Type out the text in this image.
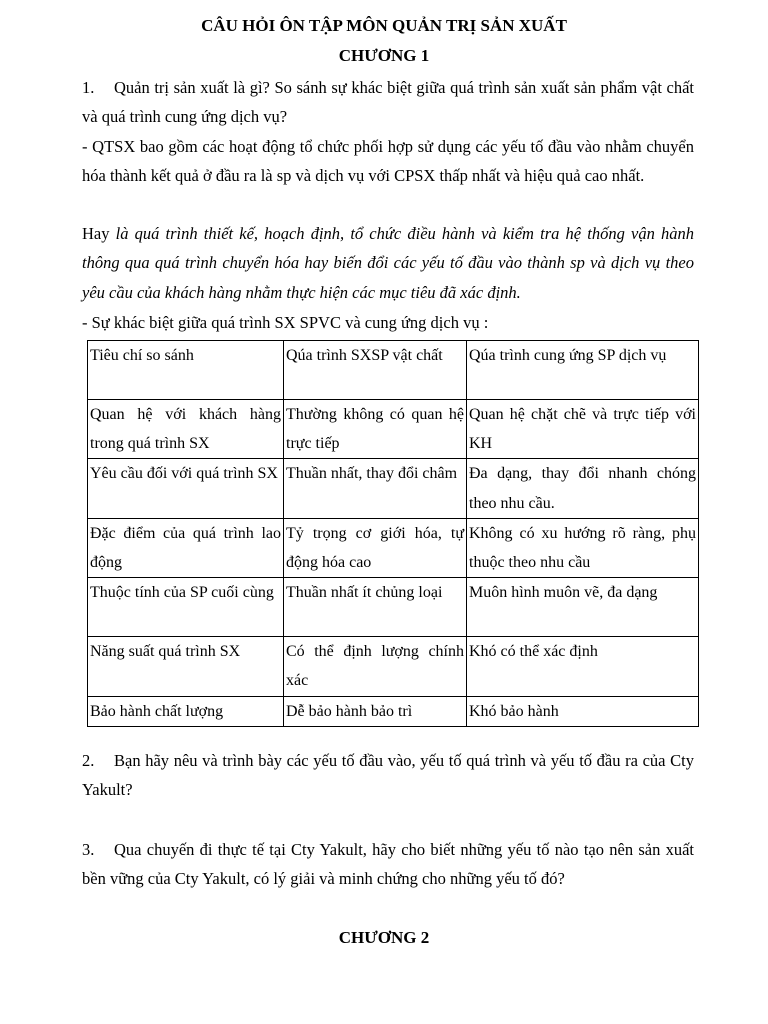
CÂU HỎI ÔN TẬP MÔN QUẢN TRỊ SẢN XUẤT
CHƯƠNG 1
1. Quản trị sản xuất là gì? So sánh sự khác biệt giữa quá trình sản xuất sản phẩm vật chất và quá trình cung ứng dịch vụ?
- QTSX bao gồm các hoạt động tổ chức phối hợp sử dụng các yếu tố đầu vào nhằm chuyển hóa thành kết quả ở đầu ra là sp và dịch vụ với CPSX thấp nhất và hiệu quả cao nhất.
Hay là quá trình thiết kế, hoạch định, tổ chức điều hành và kiểm tra hệ thống vận hành thông qua quá trình chuyển hóa hay biến đổi các yếu tố đầu vào thành sp và dịch vụ theo yêu cầu của khách hàng nhằm thực hiện các mục tiêu đã xác định.
- Sự khác biệt giữa quá trình SX SPVC và cung ứng dịch vụ :
Tiêu chí so sánh	Qúa trình SXSP vật chất	Qúa trình cung ứng SP dịch vụ
Quan hệ với khách hàng trong quá trình SX	Thường không có quan hệ trực tiếp	Quan hệ chặt chẽ và trực tiếp với KH
Yêu cầu đối với quá trình SX	Thuần nhất, thay đổi châm	Đa dạng, thay đổi nhanh chóng theo nhu cầu.
Đặc điểm của quá trình lao động	Tỷ trọng cơ giới hóa, tự động hóa cao	Không có xu hướng rõ ràng, phụ thuộc theo nhu cầu
Thuộc tính của SP cuối cùng	Thuần nhất ít chủng loại	Muôn hình muôn vẽ, đa dạng
Năng suất quá trình SX	Có thể định lượng chính xác	Khó có thể xác định
Bảo hành chất lượng	Dễ bảo hành bảo trì	Khó bảo hành
2. Bạn hãy nêu và trình bày các yếu tố đầu vào, yếu tố quá trình và yếu tố đầu ra của Cty Yakult?
3. Qua chuyến đi thực tế tại Cty Yakult, hãy cho biết những yếu tố nào tạo nên sản xuất bền vững của Cty Yakult, có lý giải và minh chứng cho những yếu tố đó?
CHƯƠNG 2
